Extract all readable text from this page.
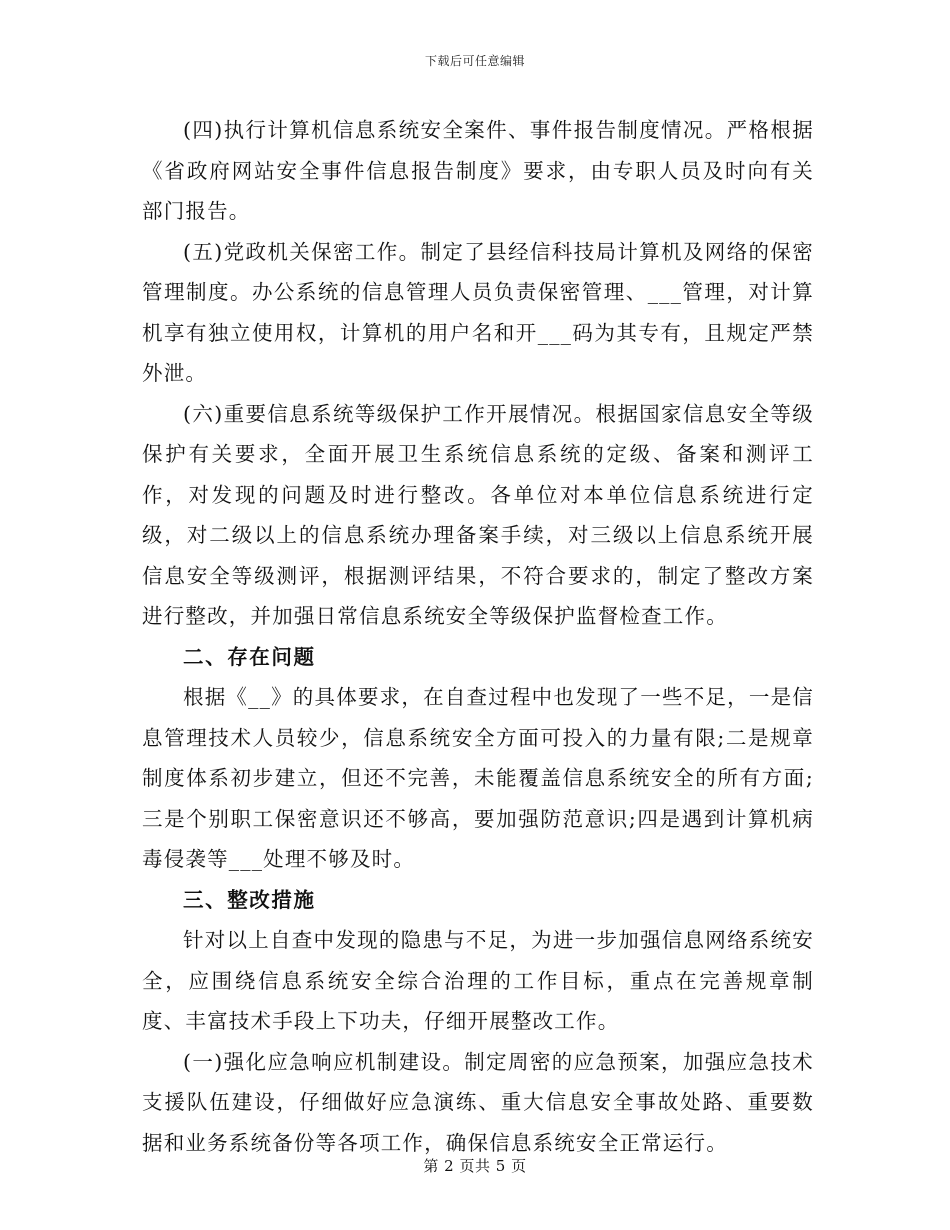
下载后可任意编辑

(四)执行计算机信息系统安全案件、事件报告制度情况。严格根据《省政府网站安全事件信息报告制度》要求，由专职人员及时向有关部门报告。

(五)党政机关保密工作。制定了县经信科技局计算机及网络的保密管理制度。办公系统的信息管理人员负责保密管理、___管理，对计算机享有独立使用权，计算机的用户名和开___码为其专有，且规定严禁外泄。

(六)重要信息系统等级保护工作开展情况。根据国家信息安全等级保护有关要求，全面开展卫生系统信息系统的定级、备案和测评工作，对发现的问题及时进行整改。各单位对本单位信息系统进行定级，对二级以上的信息系统办理备案手续，对三级以上信息系统开展信息安全等级测评，根据测评结果，不符合要求的，制定了整改方案进行整改，并加强日常信息系统安全等级保护监督检查工作。

二、存在问题

根据《__》的具体要求，在自查过程中也发现了一些不足，一是信息管理技术人员较少，信息系统安全方面可投入的力量有限;二是规章制度体系初步建立，但还不完善，未能覆盖信息系统安全的所有方面;三是个别职工保密意识还不够高，要加强防范意识;四是遇到计算机病毒侵袭等___处理不够及时。

三、整改措施

针对以上自查中发现的隐患与不足，为进一步加强信息网络系统安全，应围绕信息系统安全综合治理的工作目标，重点在完善规章制度、丰富技术手段上下功夫，仔细开展整改工作。

(一)强化应急响应机制建设。制定周密的应急预案，加强应急技术支援队伍建设，仔细做好应急演练、重大信息安全事故处路、重要数据和业务系统备份等各项工作，确保信息系统安全正常运行。

第 2 页共 5 页
